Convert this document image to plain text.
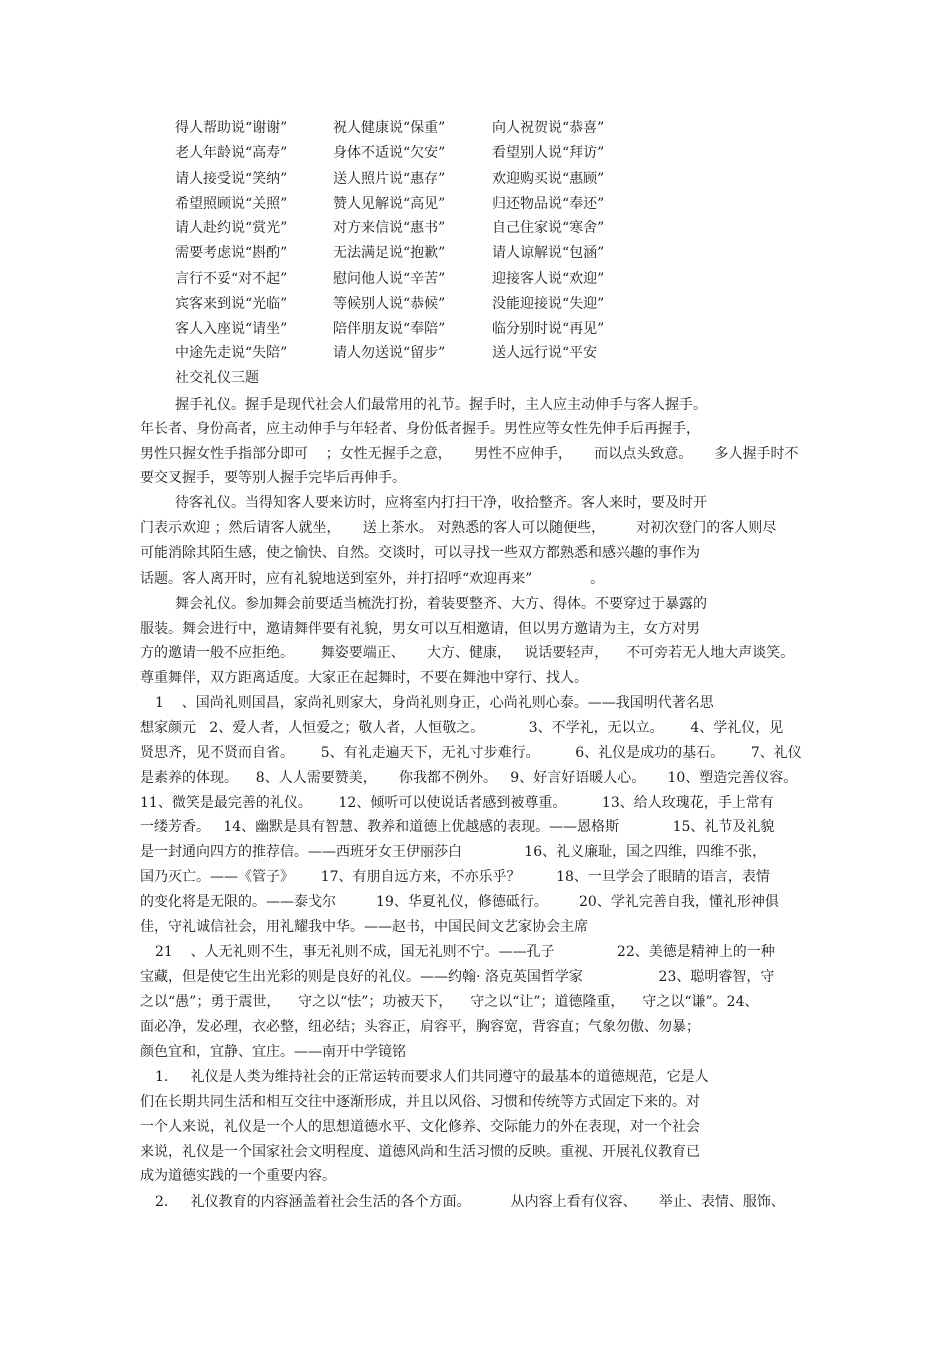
得人帮助说“谢谢”	祝人健康说“保重”	向人祝贺说“恭喜”
老人年龄说“高寿”	身体不适说“欠安”	看望别人说“拜访”
请人接受说“笑纳”	送人照片说“惠存”	欢迎购买说“惠顾”
希望照顾说“关照”	赞人见解说“高见”	归还物品说“奉还”
请人赴约说“赏光”	对方来信说“惠书”	自己住家说“寒舍”
需要考虑说“斟酌”	无法满足说“抱歉”	请人谅解说“包涵”
言行不妥“对不起”	慰问他人说“辛苦”	迎接客人说“欢迎”
宾客来到说“光临”	等候别人说“恭候”	没能迎接说“失迎”
客人入座说“请坐”	陪伴朋友说“奉陪”	临分别时说“再见”
中途先走说“失陪”	请人勿送说“留步”	送人远行说“平安
社交礼仪三题
握手礼仪。握手是现代社会人们最常用的礼节。握手时，主人应主动伸手与客人握手。
年长者、身份高者，应主动伸手与年轻者、身份低者握手。男性应等女性先伸手后再握手，
男性只握女性手指部分即可    ；女性无握手之意，     男性不应伸手，     而以点头致意。     多人握手时不
要交叉握手，要等别人握手完毕后再伸手。
待客礼仪。当得知客人要来访时，应将室内打扫干净，收拾整齐。客人来时，要及时开
门表示欢迎 ；然后请客人就坐，     送上茶水。 对熟悉的客人可以随便些，       对初次登门的客人则尽
可能消除其陌生感，使之愉快、自然。交谈时，可以寻找一些双方都熟悉和感兴趣的事作为
话题。客人离开时，应有礼貌地送到室外，并打招呼“欢迎再来”             。
舞会礼仪。参加舞会前要适当梳洗打扮，着装要整齐、大方、得体。不要穿过于暴露的
服装。舞会进行中，邀请舞伴要有礼貌，男女可以互相邀请，但以男方邀请为主，女方对男
方的邀请一般不应拒绝。      舞姿要端正、     大方、健康，   说话要轻声，    不可旁若无人地大声谈笑。
尊重舞伴，双方距离适度。大家正在起舞时，不要在舞池中穿行、找人。
1    、国尚礼则国昌，家尚礼则家大，身尚礼则身正，心尚礼则心泰。——我国明代著名思
想家颜元   2、爱人者，人恒爱之；敬人者，人恒敬之。          3、不学礼，无以立。      4、学礼仪，见
贤思齐，见不贤而自省。      5、有礼走遍天下，无礼寸步难行。        6、礼仪是成功的基石。      7、礼仪
是素养的体现。    8、人人需要赞美，     你我都不例外。   9、好言好语暖人心。     10、塑造完善仪容。
11、微笑是最完善的礼仪。      12、倾听可以使说话者感到被尊重。        13、给人玫瑰花，手上常有
一缕芳香。   14、幽默是具有智慧、教养和道德上优越感的表现。——恩格斯            15、礼节及礼貌
是一封通向四方的推荐信。——西班牙女王伊丽莎白              16、礼义廉耻，国之四维，四维不张，
国乃灭亡。——《管子》      17、有朋自远方来，不亦乐乎？        18、一旦学会了眼睛的语言，表情
的变化将是无限的。——泰戈尔         19、华夏礼仪，修德砥行。       20、学礼完善自我，懂礼形神俱
佳，守礼诚信社会，用礼耀我中华。——赵书，中国民间文艺家协会主席
21    、人无礼则不生，事无礼则不成，国无礼则不宁。——孔子              22、美德是精神上的一种
宝藏，但是使它生出光彩的则是良好的礼仪。——约翰· 洛克英国哲学家                 23、聪明睿智，守
之以“愚”；勇于震世，    守之以“怯”；功被天下，    守之以“让”；道德隆重，    守之以“谦”。24、
面必净，发必理，衣必整，纽必结；头容正，肩容平，胸容宽，背容直；气象勿傲、勿暴；
颜色宜和，宜静、宜庄。——南开中学镜铭
1.     礼仪是人类为维持社会的正常运转而要求人们共同遵守的最基本的道德规范，它是人
们在长期共同生活和相互交往中逐渐形成，并且以风俗、习惯和传统等方式固定下来的。对
一个人来说，礼仪是一个人的思想道德水平、文化修养、交际能力的外在表现，对一个社会
来说，礼仪是一个国家社会文明程度、道德风尚和生活习惯的反映。重视、开展礼仪教育已
成为道德实践的一个重要内容。
2.     礼仪教育的内容涵盖着社会生活的各个方面。         从内容上看有仪容、     举止、表情、服饰、
